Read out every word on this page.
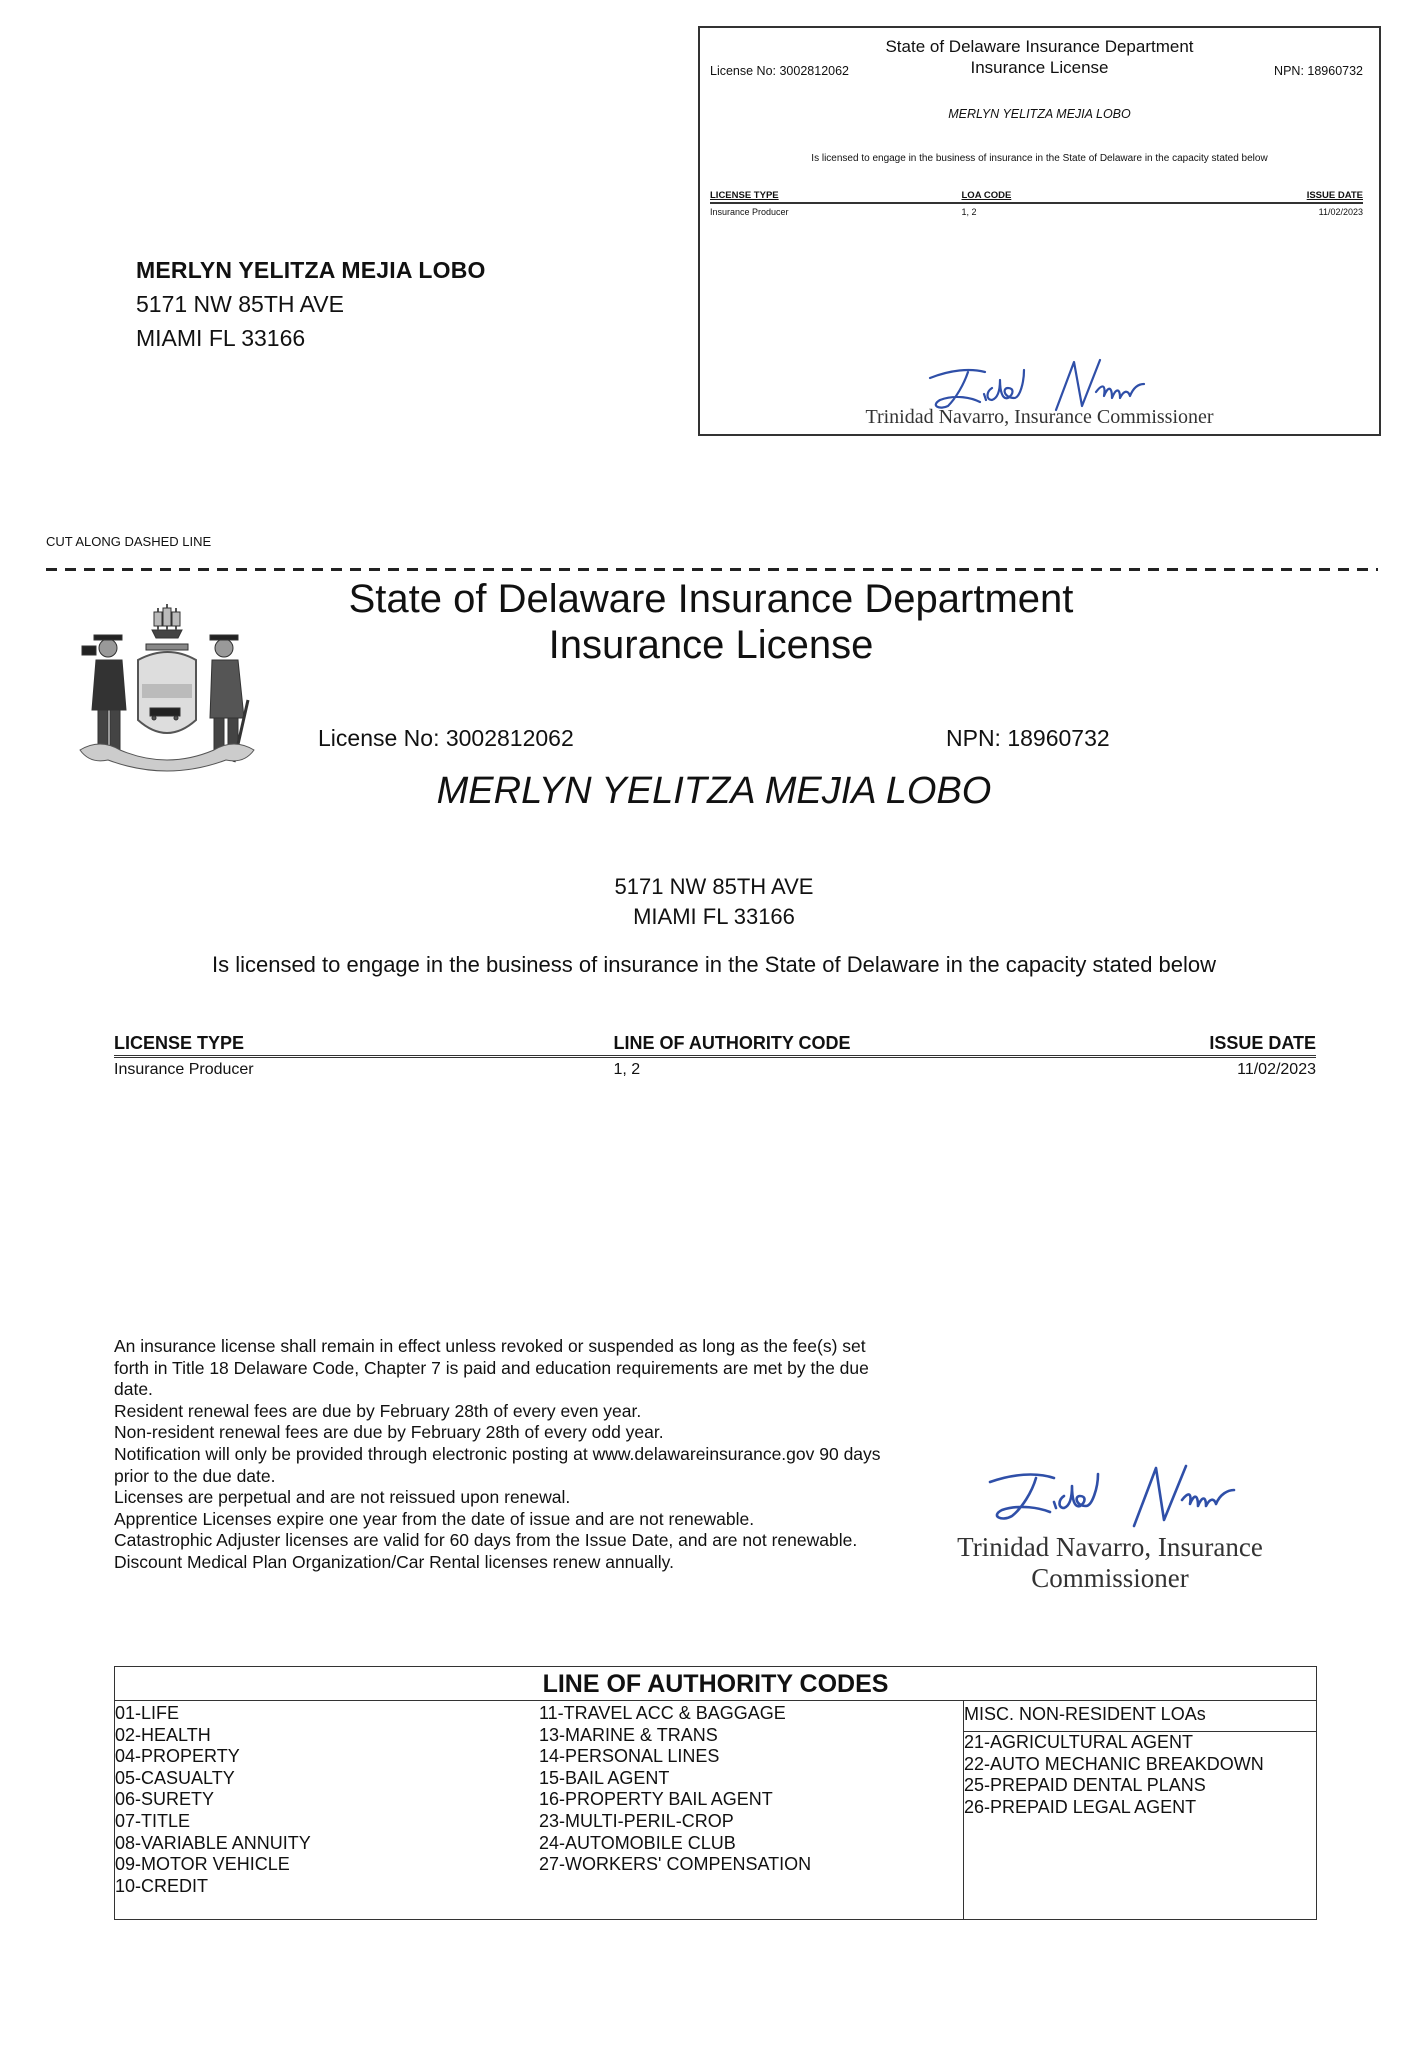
MERLYN YELITZA MEJIA LOBO
5171 NW 85TH AVE
MIAMI FL 33166
State of Delaware Insurance Department
Insurance License
License No: 3002812062	NPN: 18960732
MERLYN YELITZA MEJIA LOBO
Is licensed to engage in the business of insurance in the State of Delaware in the capacity stated below
LICENSE TYPE	LOA CODE	ISSUE DATE
Insurance Producer	1, 2	11/02/2023
Trinidad Navarro, Insurance Commissioner
CUT ALONG DASHED LINE
State of Delaware Insurance Department
Insurance License
License No: 3002812062	NPN: 18960732
MERLYN YELITZA MEJIA LOBO
5171 NW 85TH AVE
MIAMI FL 33166
Is licensed to engage in the business of insurance in the State of Delaware in the capacity stated below
LICENSE TYPE	LINE OF AUTHORITY CODE	ISSUE DATE
Insurance Producer	1, 2	11/02/2023

An insurance license shall remain in effect unless revoked or suspended as long as the fee(s) set forth in Title 18 Delaware Code, Chapter 7 is paid and education requirements are met by the due date.

Resident renewal fees are due by February 28th of every even year.

Non-resident renewal fees are due by February 28th of every odd year.

Notification will only be provided through electronic posting at www.delawareinsurance.gov 90 days prior to the due date.

Licenses are perpetual and are not reissued upon renewal.

Apprentice Licenses expire one year from the date of issue and are not renewable.

Catastrophic Adjuster licenses are valid for 60 days from the Issue Date, and are not renewable.

Discount Medical Plan Organization/Car Rental licenses renew annually.	Trinidad Navarro, Insurance Commissioner
LINE OF AUTHORITY CODES
01-LIFE
02-HEALTH
04-PROPERTY
05-CASUALTY
06-SURETY
07-TITLE
08-VARIABLE ANNUITY
09-MOTOR VEHICLE
10-CREDIT
11-TRAVEL ACC & BAGGAGE
13-MARINE & TRANS
14-PERSONAL LINES
15-BAIL AGENT
16-PROPERTY BAIL AGENT
23-MULTI-PERIL-CROP
24-AUTOMOBILE CLUB
27-WORKERS' COMPENSATION
MISC. NON-RESIDENT LOAs
21-AGRICULTURAL AGENT
22-AUTO MECHANIC BREAKDOWN
25-PREPAID DENTAL PLANS
26-PREPAID LEGAL AGENT
